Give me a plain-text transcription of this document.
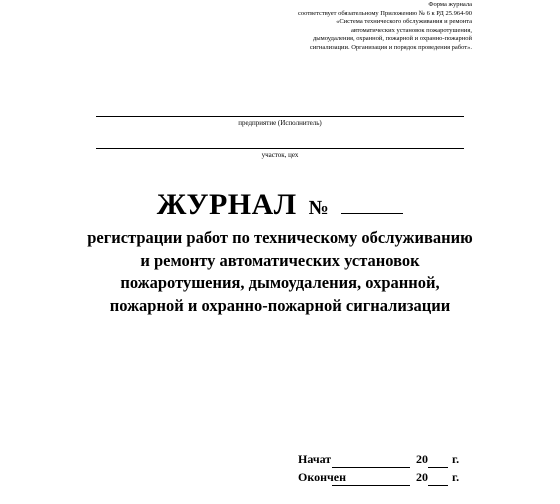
Форма журнала
соответствует обязательному Приложению № 6 к РД 25.964-90
«Система технического обслуживания и ремонта
автоматических установок пожаротушения,
дымоудаления, охранной, пожарной и охранно-пожарной
сигнализации. Организация и порядок проведения работ».
предприятие (Исполнитель)
участок, цех
ЖУРНАЛ №
регистрации работ по техническому обслуживанию
и ремонту автоматических установок
пожаротушения, дымоудаления, охранной,
пожарной и охранно-пожарной сигнализации
Начат	20 г.
Окончен	20 г.
